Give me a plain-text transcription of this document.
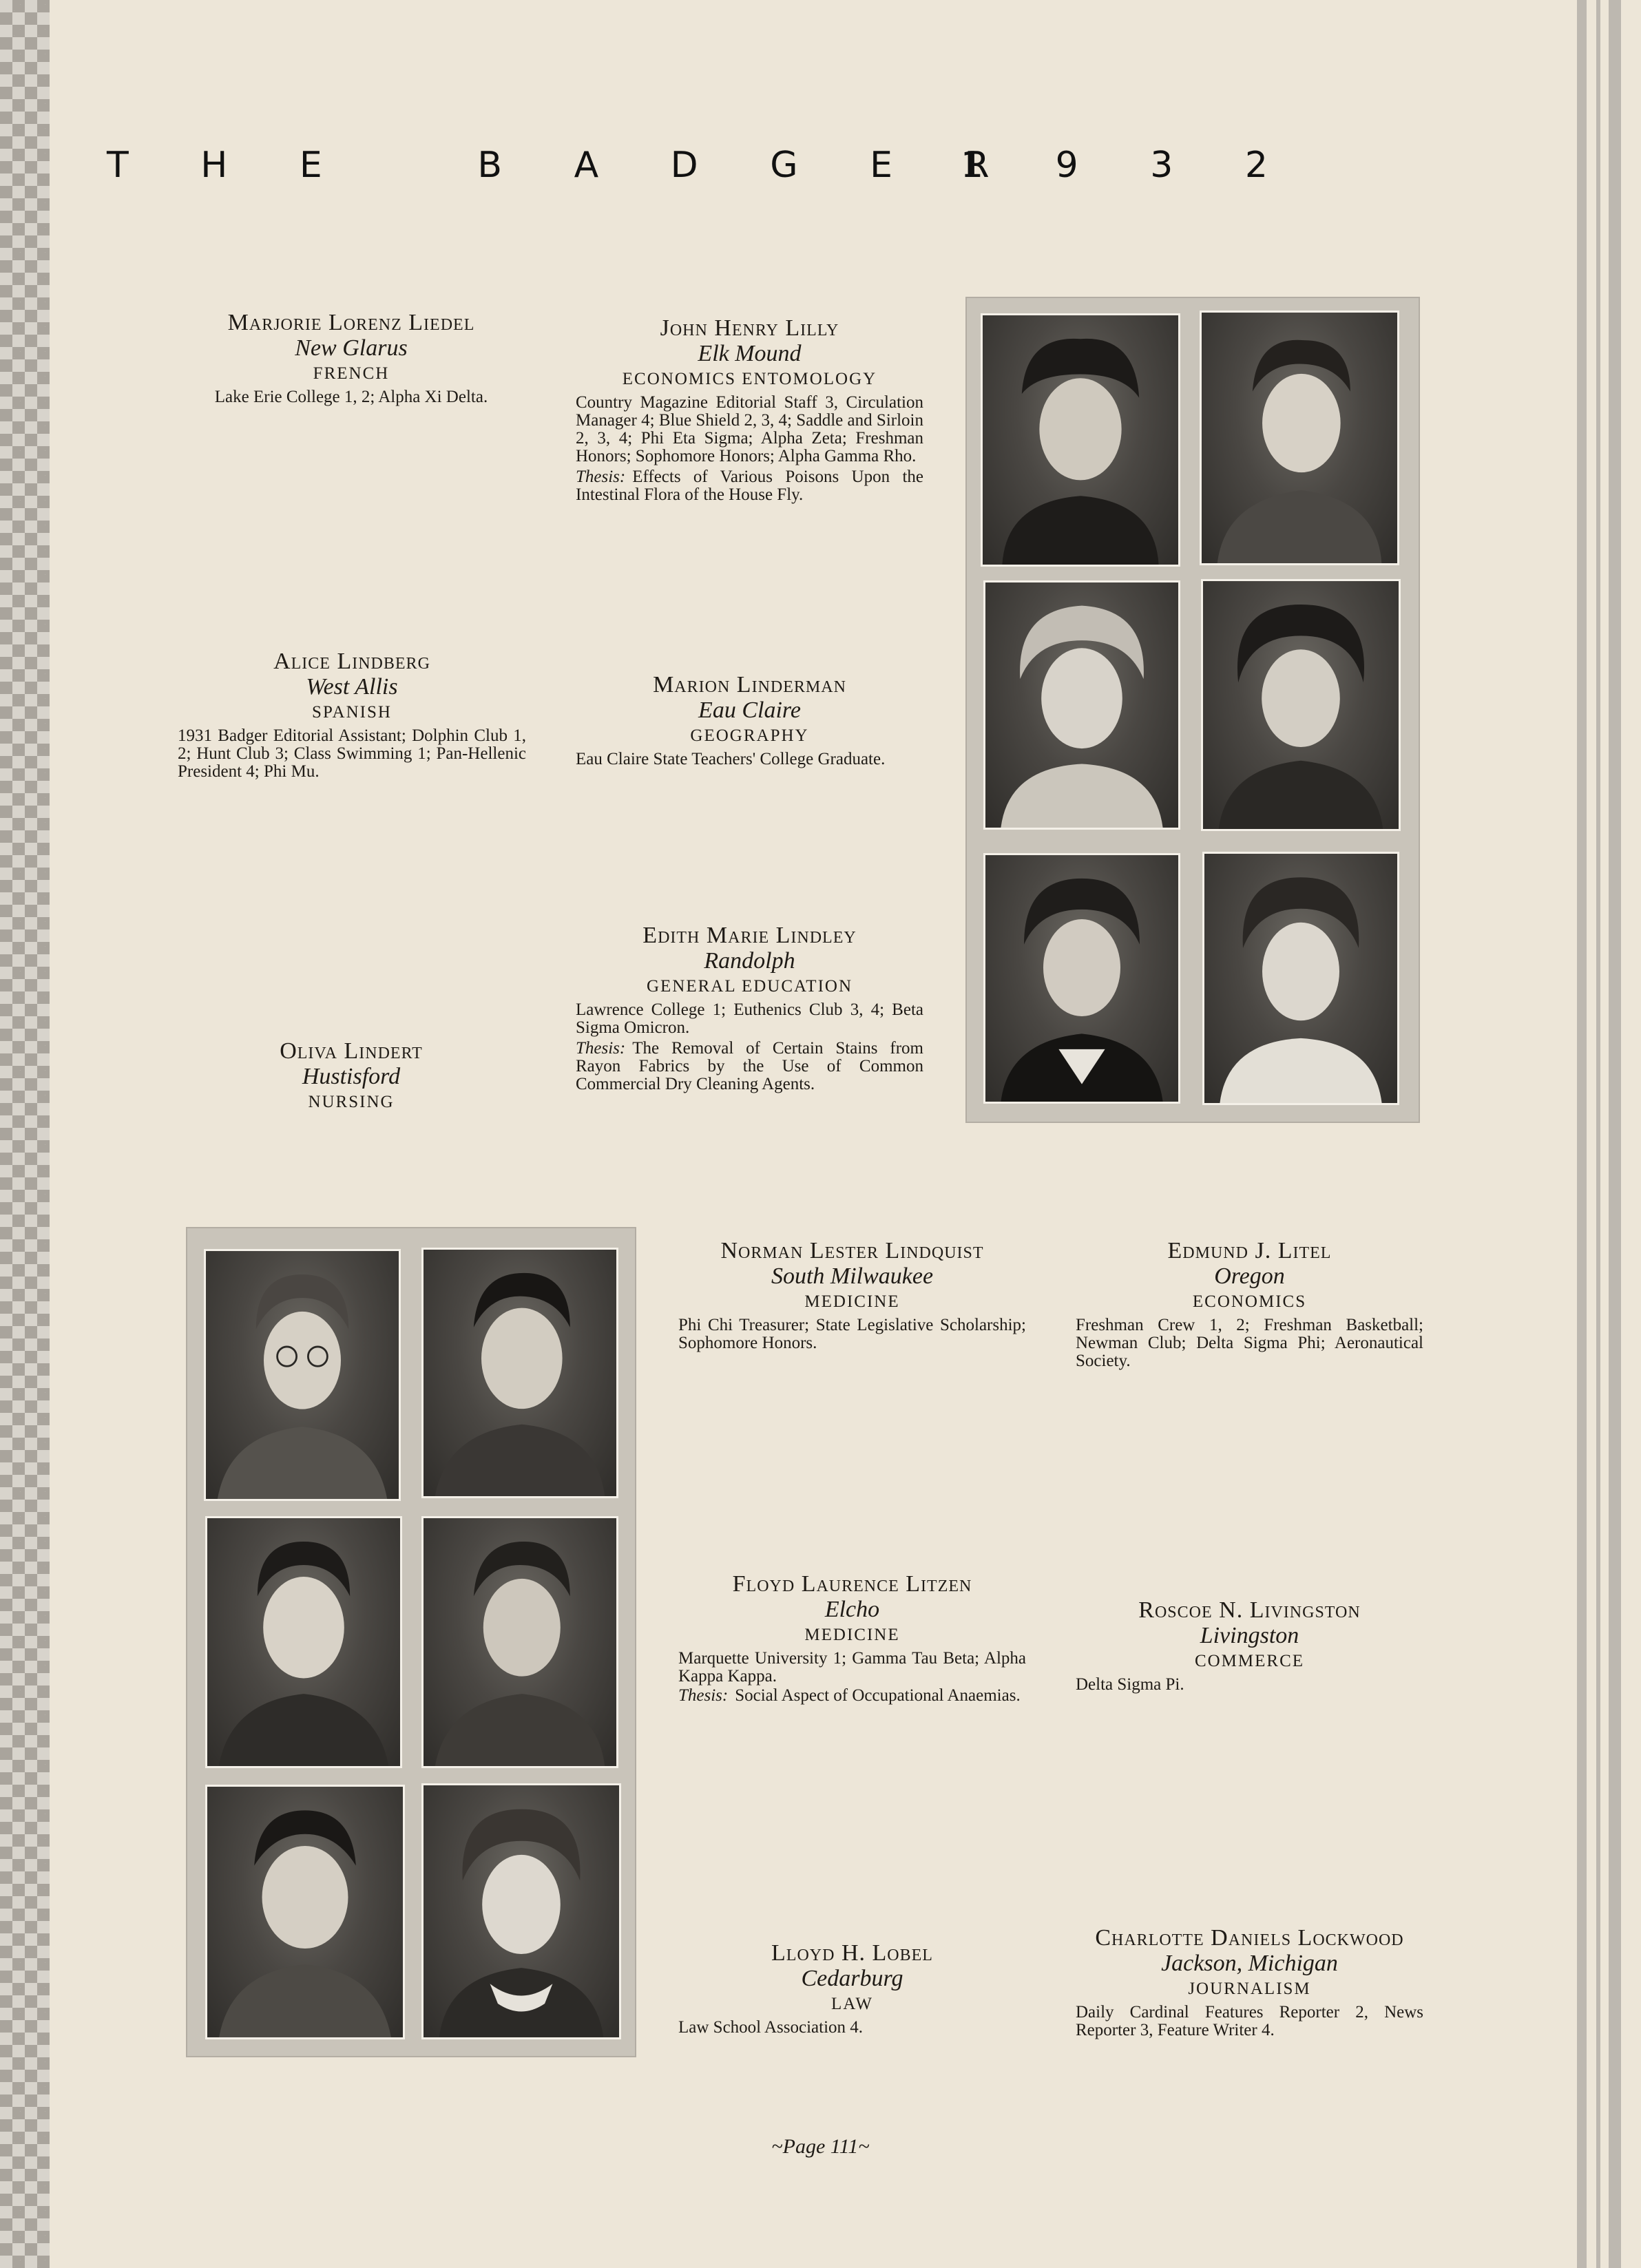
T H E   B A D G E R
1 9 3 2
Marjorie Lorenz Liedel
New Glarus
FRENCH
Lake Erie College 1, 2; Alpha Xi Delta.
John Henry Lilly
Elk Mound
ECONOMICS ENTOMOLOGY
Country Magazine Editorial Staff 3, Circulation Manager 4; Blue Shield 2, 3, 4; Saddle and Sirloin 2, 3, 4; Phi Eta Sigma; Alpha Zeta; Freshman Honors; Sophomore Honors; Alpha Gamma Rho.
Thesis: Effects of Various Poisons Upon the Intestinal Flora of the House Fly.
Alice Lindberg
West Allis
SPANISH
1931 Badger Editorial Assistant; Dolphin Club 1, 2; Hunt Club 3; Class Swimming 1; Pan-Hellenic President 4; Phi Mu.
Marion Linderman
Eau Claire
GEOGRAPHY
Eau Claire State Teachers' College Graduate.
Edith Marie Lindley
Randolph
GENERAL EDUCATION
Lawrence College 1; Euthenics Club 3, 4; Beta Sigma Omicron.
Thesis: The Removal of Certain Stains from Rayon Fabrics by the Use of Common Commercial Dry Cleaning Agents.
Oliva Lindert
Hustisford
NURSING
Norman Lester Lindquist
South Milwaukee
MEDICINE
Phi Chi Treasurer; State Legislative Scholarship; Sophomore Honors.
Edmund J. Litel
Oregon
ECONOMICS
Freshman Crew 1, 2; Freshman Basketball; Newman Club; Delta Sigma Phi; Aeronautical Society.
Floyd Laurence Litzen
Elcho
MEDICINE
Marquette University 1; Gamma Tau Beta; Alpha Kappa Kappa.
Thesis: Social Aspect of Occupational Anaemias.
Roscoe N. Livingston
Livingston
COMMERCE
Delta Sigma Pi.
Lloyd H. Lobel
Cedarburg
LAW
Law School Association 4.
Charlotte Daniels Lockwood
Jackson, Michigan
JOURNALISM
Daily Cardinal Features Reporter 2, News Reporter 3, Feature Writer 4.
~Page 111~
